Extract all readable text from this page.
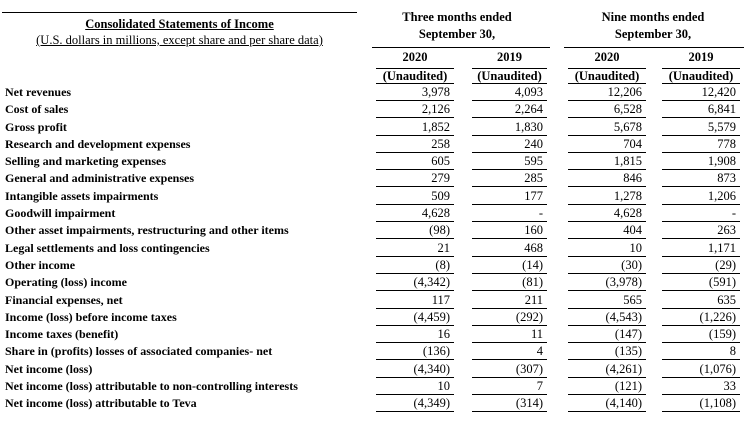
Consolidated Statements of Income
(U.S. dollars in millions, except share and per share data)
Three months ended September 30,
Nine months ended September 30,
2020	2019	2020	2019
(Unaudited)	(Unaudited)	(Unaudited)	(Unaudited)
Net revenues	3,978	4,093	12,206	12,420
Cost of sales	2,126	2,264	6,528	6,841
Gross profit	1,852	1,830	5,678	5,579
Research and development expenses	258	240	704	778
Selling and marketing expenses	605	595	1,815	1,908
General and administrative expenses	279	285	846	873
Intangible assets impairments	509	177	1,278	1,206
Goodwill impairment	4,628	-	4,628	-
Other asset impairments, restructuring and other items	(98)	160	404	263
Legal settlements and loss contingencies	21	468	10	1,171
Other income	(8)	(14)	(30)	(29)
Operating (loss) income	(4,342)	(81)	(3,978)	(591)
Financial expenses, net	117	211	565	635
Income (loss) before income taxes	(4,459)	(292)	(4,543)	(1,226)
Income taxes (benefit)	16	11	(147)	(159)
Share in (profits) losses of associated companies- net	(136)	4	(135)	8
Net income (loss)	(4,340)	(307)	(4,261)	(1,076)
Net income (loss) attributable to non-controlling interests	10	7	(121)	33
Net income (loss) attributable to Teva	(4,349)	(314)	(4,140)	(1,108)
